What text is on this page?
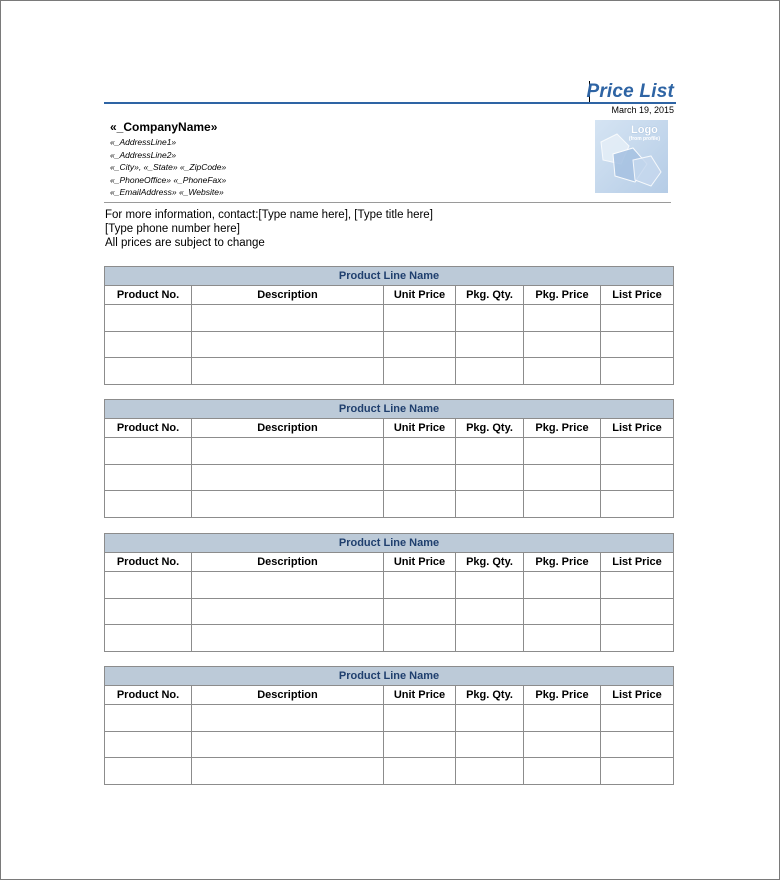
Price List
March 19, 2015
«_CompanyName»
«_AddressLine1»
«_AddressLine2»
«_City», «_State» «_ZipCode»
«_PhoneOffice» «_PhoneFax»
«_EmailAddress» «_Website»
Logo
(from profile)
For more information, contact:[Type name here], [Type title here]
[Type phone number here]
All prices are subject to change
Product Line Name					
Product No.	Description	Unit Price	Pkg. Qty.	Pkg. Price	List Price

Product Line Name					
Product No.	Description	Unit Price	Pkg. Qty.	Pkg. Price	List Price

Product Line Name					
Product No.	Description	Unit Price	Pkg. Qty.	Pkg. Price	List Price

Product Line Name					
Product No.	Description	Unit Price	Pkg. Qty.	Pkg. Price	List Price
